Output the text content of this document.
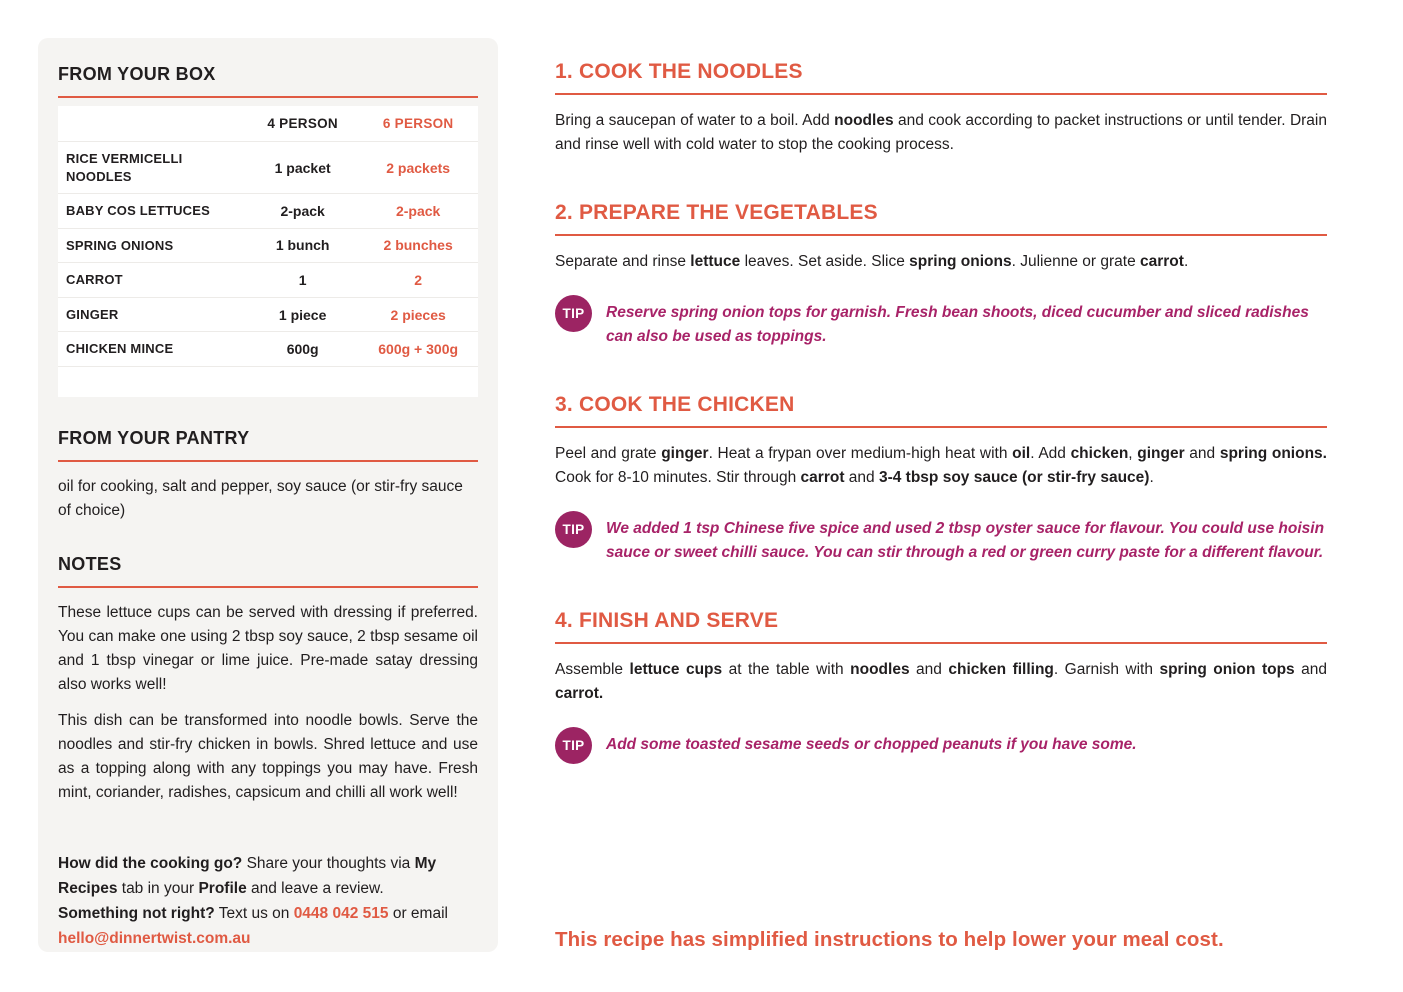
FROM YOUR BOX
	4 PERSON	6 PERSON
RICE VERMICELLI NOODLES	1 packet	2 packets
BABY COS LETTUCES	2-pack	2-pack
SPRING ONIONS	1 bunch	2 bunches
CARROT	1	2
GINGER	1 piece	2 pieces
CHICKEN MINCE	600g	600g + 300g
FROM YOUR PANTRY

oil for cooking, salt and pepper, soy sauce (or stir-fry sauce of choice)

NOTES

These lettuce cups can be served with dressing if preferred. You can make one using 2 tbsp soy sauce, 2 tbsp sesame oil and 1 tbsp vinegar or lime juice. Pre-made satay dressing also works well!

This dish can be transformed into noodle bowls. Serve the noodles and stir-fry chicken in bowls. Shred lettuce and use as a topping along with any toppings you may have. Fresh mint, coriander, radishes, capsicum and chilli all work well!

How did the cooking go? Share your thoughts via My Recipes tab in your Profile and leave a review.
Something not right? Text us on 0448 042 515 or email hello@dinnertwist.com.au

1. COOK THE NOODLES

Bring a saucepan of water to a boil. Add noodles and cook according to packet instructions or until tender. Drain and rinse well with cold water to stop the cooking process.

2. PREPARE THE VEGETABLES

Separate and rinse lettuce leaves. Set aside. Slice spring onions. Julienne or grate carrot.

TIP	Reserve spring onion tops for garnish. Fresh bean shoots, diced cucumber and sliced radishes can also be used as toppings.

3. COOK THE CHICKEN

Peel and grate ginger. Heat a frypan over medium-high heat with oil. Add chicken, ginger and spring onions. Cook for 8-10 minutes. Stir through carrot and 3-4 tbsp soy sauce (or stir-fry sauce).

TIP	We added 1 tsp Chinese five spice and used 2 tbsp oyster sauce for flavour. You could use hoisin sauce or sweet chilli sauce. You can stir through a red or green curry paste for a different flavour.

4. FINISH AND SERVE

Assemble lettuce cups at the table with noodles and chicken filling. Garnish with spring onion tops and carrot.

TIP	Add some toasted sesame seeds or chopped peanuts if you have some.

This recipe has simplified instructions to help lower your meal cost.
